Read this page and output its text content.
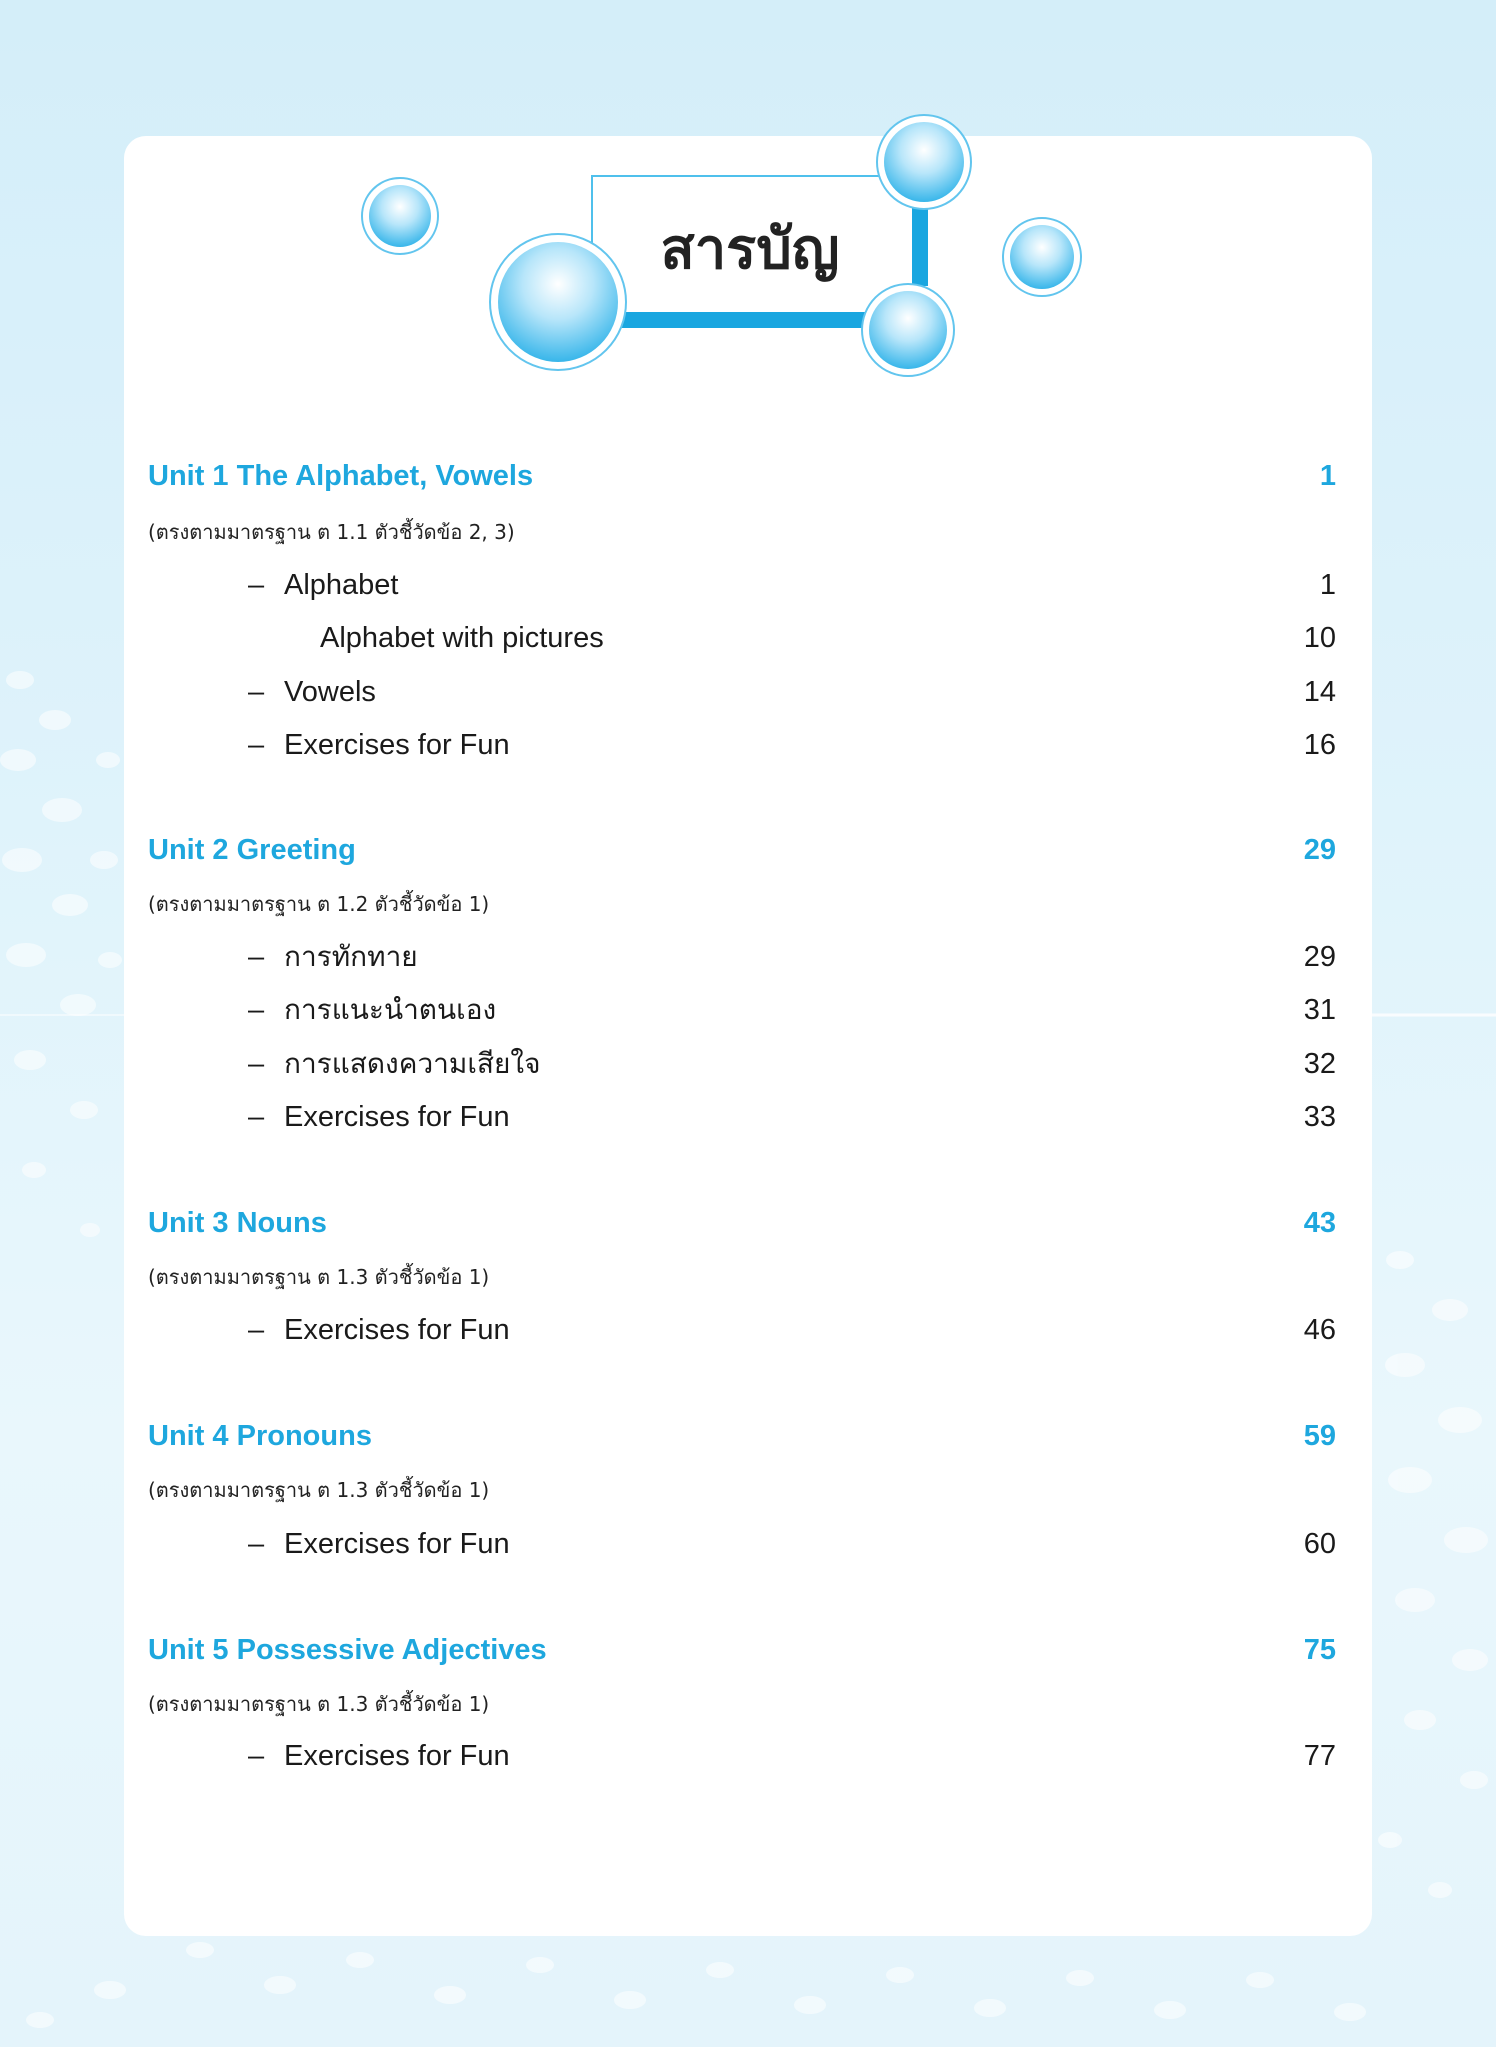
สารบัญ
Unit 1 The Alphabet, Vowels	1
(ตรงตามมาตรฐาน ต 1.1 ตัวชี้วัดข้อ 2, 3)
– Alphabet	1
Alphabet with pictures	10
– Vowels	14
– Exercises for Fun	16
Unit 2 Greeting	29
(ตรงตามมาตรฐาน ต 1.2 ตัวชี้วัดข้อ 1)
– การทักทาย	29
– การแนะนำตนเอง	31
– การแสดงความเสียใจ	32
– Exercises for Fun	33
Unit 3 Nouns	43
(ตรงตามมาตรฐาน ต 1.3 ตัวชี้วัดข้อ 1)
– Exercises for Fun	46
Unit 4 Pronouns	59
(ตรงตามมาตรฐาน ต 1.3 ตัวชี้วัดข้อ 1)
– Exercises for Fun	60
Unit 5 Possessive Adjectives	75
(ตรงตามมาตรฐาน ต 1.3 ตัวชี้วัดข้อ 1)
– Exercises for Fun	77
